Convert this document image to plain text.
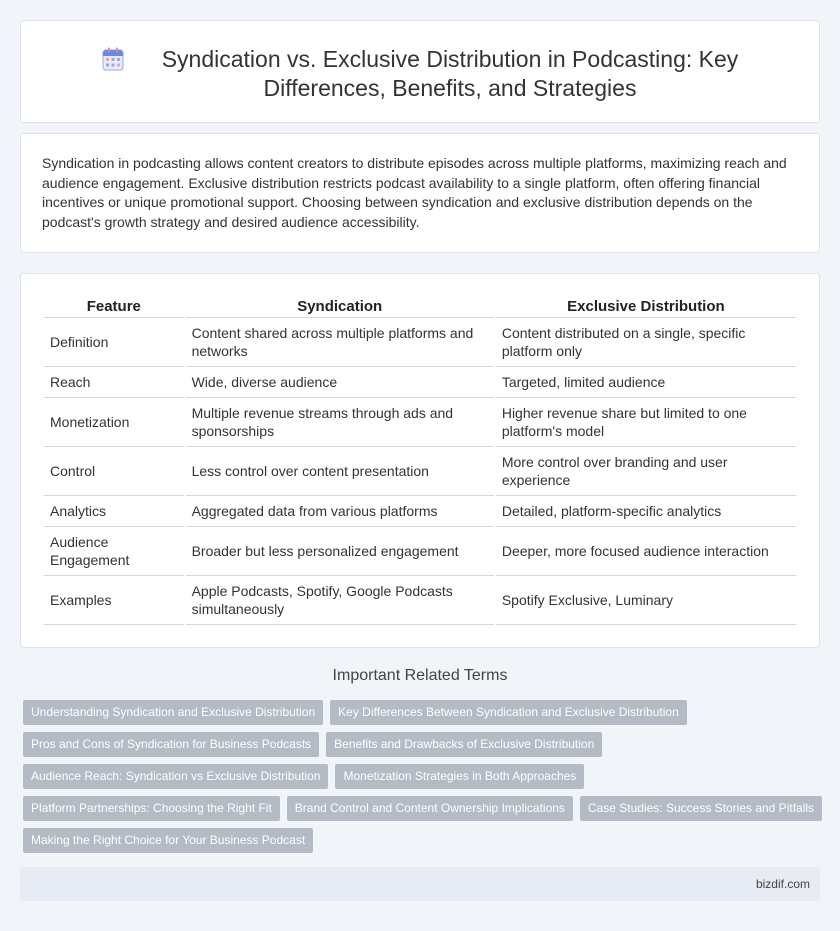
Syndication vs. Exclusive Distribution in Podcasting: Key Differences, Benefits, and Strategies

Syndication in podcasting allows content creators to distribute episodes across multiple platforms, maximizing reach and audience engagement. Exclusive distribution restricts podcast availability to a single platform, often offering financial incentives or unique promotional support. Choosing between syndication and exclusive distribution depends on the podcast's growth strategy and desired audience accessibility.

Feature	Syndication	Exclusive Distribution
Definition	Content shared across multiple platforms and networks	Content distributed on a single, specific platform only
Reach	Wide, diverse audience	Targeted, limited audience
Monetization	Multiple revenue streams through ads and sponsorships	Higher revenue share but limited to one platform's model
Control	Less control over content presentation	More control over branding and user experience
Analytics	Aggregated data from various platforms	Detailed, platform-specific analytics
Audience Engagement	Broader but less personalized engagement	Deeper, more focused audience interaction
Examples	Apple Podcasts, Spotify, Google Podcasts simultaneously	Spotify Exclusive, Luminary
Important Related Terms
Understanding Syndication and Exclusive Distribution	Key Differences Between Syndication and Exclusive Distribution
Pros and Cons of Syndication for Business Podcasts	Benefits and Drawbacks of Exclusive Distribution
Audience Reach: Syndication vs Exclusive Distribution	Monetization Strategies in Both Approaches
Platform Partnerships: Choosing the Right Fit	Brand Control and Content Ownership Implications	Case Studies: Success Stories and Pitfalls
Making the Right Choice for Your Business Podcast
bizdif.com
